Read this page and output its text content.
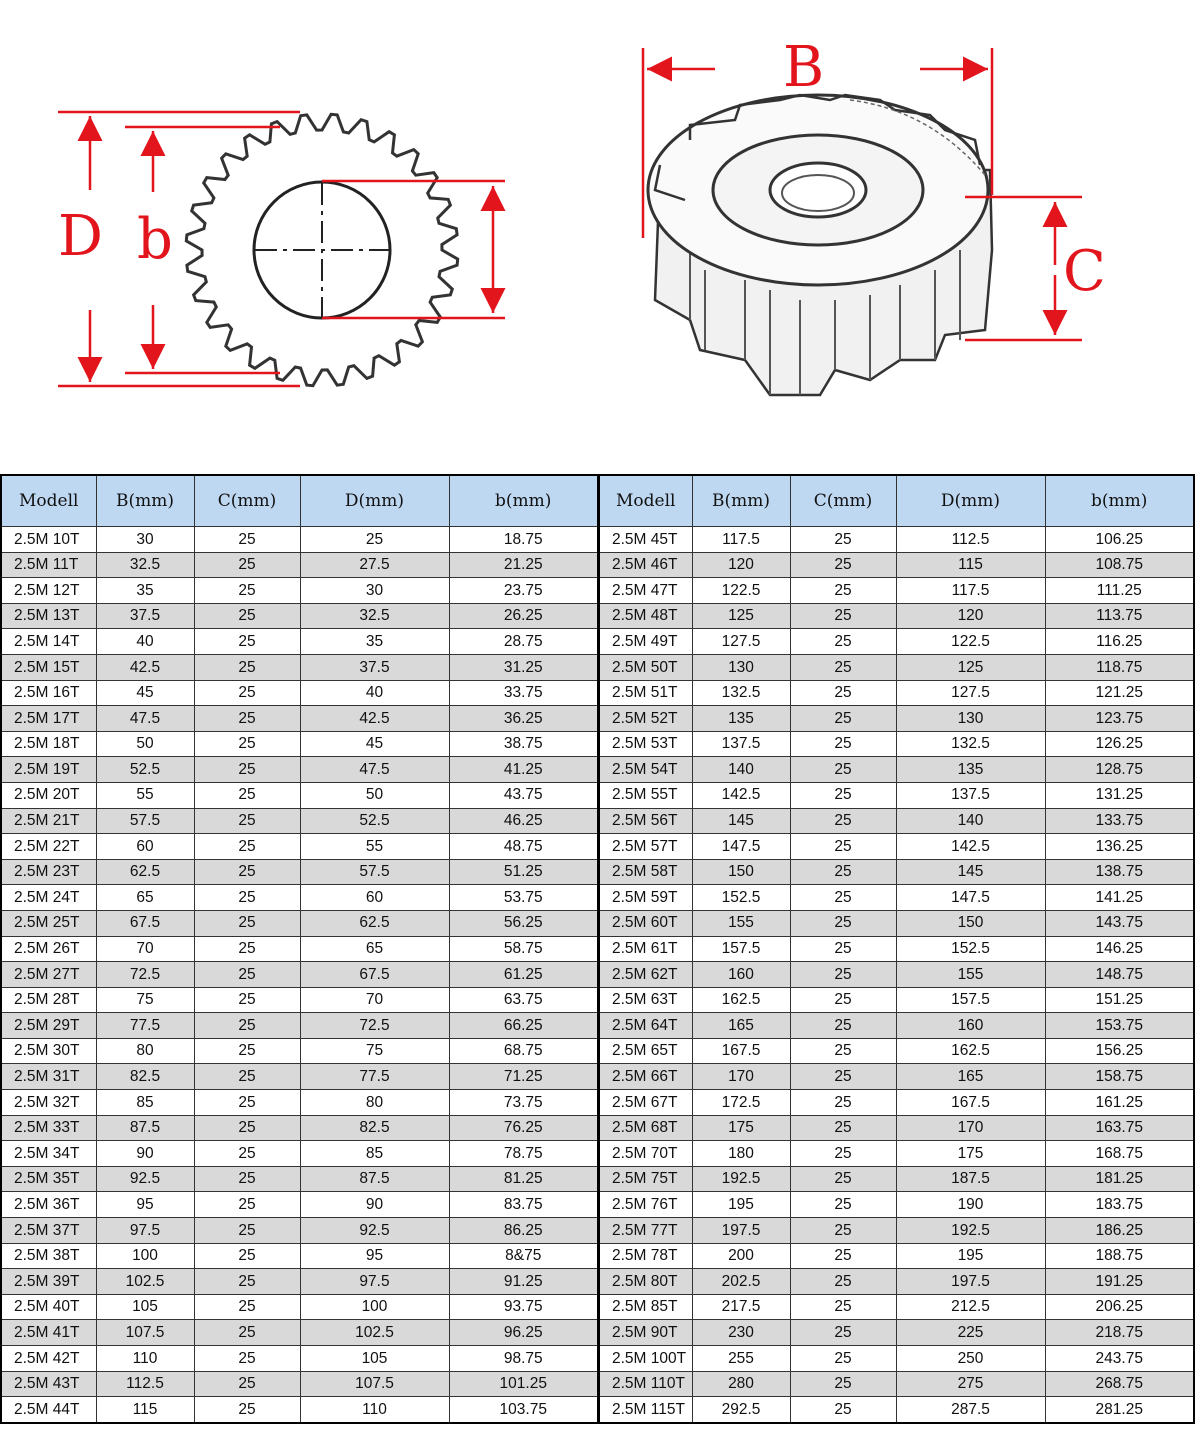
D b
B
C
Modell	B(mm)	C(mm)	D(mm)	b(mm)
2.5M 10T	30	25	25	18.75
2.5M 11T	32.5	25	27.5	21.25
2.5M 12T	35	25	30	23.75
2.5M 13T	37.5	25	32.5	26.25
2.5M 14T	40	25	35	28.75
2.5M 15T	42.5	25	37.5	31.25
2.5M 16T	45	25	40	33.75
2.5M 17T	47.5	25	42.5	36.25
2.5M 18T	50	25	45	38.75
2.5M 19T	52.5	25	47.5	41.25
2.5M 20T	55	25	50	43.75
2.5M 21T	57.5	25	52.5	46.25
2.5M 22T	60	25	55	48.75
2.5M 23T	62.5	25	57.5	51.25
2.5M 24T	65	25	60	53.75
2.5M 25T	67.5	25	62.5	56.25
2.5M 26T	70	25	65	58.75
2.5M 27T	72.5	25	67.5	61.25
2.5M 28T	75	25	70	63.75
2.5M 29T	77.5	25	72.5	66.25
2.5M 30T	80	25	75	68.75
2.5M 31T	82.5	25	77.5	71.25
2.5M 32T	85	25	80	73.75
2.5M 33T	87.5	25	82.5	76.25
2.5M 34T	90	25	85	78.75
2.5M 35T	92.5	25	87.5	81.25
2.5M 36T	95	25	90	83.75
2.5M 37T	97.5	25	92.5	86.25
2.5M 38T	100	25	95	8&75
2.5M 39T	102.5	25	97.5	91.25
2.5M 40T	105	25	100	93.75
2.5M 41T	107.5	25	102.5	96.25
2.5M 42T	110	25	105	98.75
2.5M 43T	112.5	25	107.5	101.25
2.5M 44T	115	25	110	103.75
Modell	B(mm)	C(mm)	D(mm)	b(mm)
2.5M 45T	117.5	25	112.5	106.25
2.5M 46T	120	25	115	108.75
2.5M 47T	122.5	25	117.5	111.25
2.5M 48T	125	25	120	113.75
2.5M 49T	127.5	25	122.5	116.25
2.5M 50T	130	25	125	118.75
2.5M 51T	132.5	25	127.5	121.25
2.5M 52T	135	25	130	123.75
2.5M 53T	137.5	25	132.5	126.25
2.5M 54T	140	25	135	128.75
2.5M 55T	142.5	25	137.5	131.25
2.5M 56T	145	25	140	133.75
2.5M 57T	147.5	25	142.5	136.25
2.5M 58T	150	25	145	138.75
2.5M 59T	152.5	25	147.5	141.25
2.5M 60T	155	25	150	143.75
2.5M 61T	157.5	25	152.5	146.25
2.5M 62T	160	25	155	148.75
2.5M 63T	162.5	25	157.5	151.25
2.5M 64T	165	25	160	153.75
2.5M 65T	167.5	25	162.5	156.25
2.5M 66T	170	25	165	158.75
2.5M 67T	172.5	25	167.5	161.25
2.5M 68T	175	25	170	163.75
2.5M 70T	180	25	175	168.75
2.5M 75T	192.5	25	187.5	181.25
2.5M 76T	195	25	190	183.75
2.5M 77T	197.5	25	192.5	186.25
2.5M 78T	200	25	195	188.75
2.5M 80T	202.5	25	197.5	191.25
2.5M 85T	217.5	25	212.5	206.25
2.5M 90T	230	25	225	218.75
2.5M 100T	255	25	250	243.75
2.5M 110T	280	25	275	268.75
2.5M 115T	292.5	25	287.5	281.25
